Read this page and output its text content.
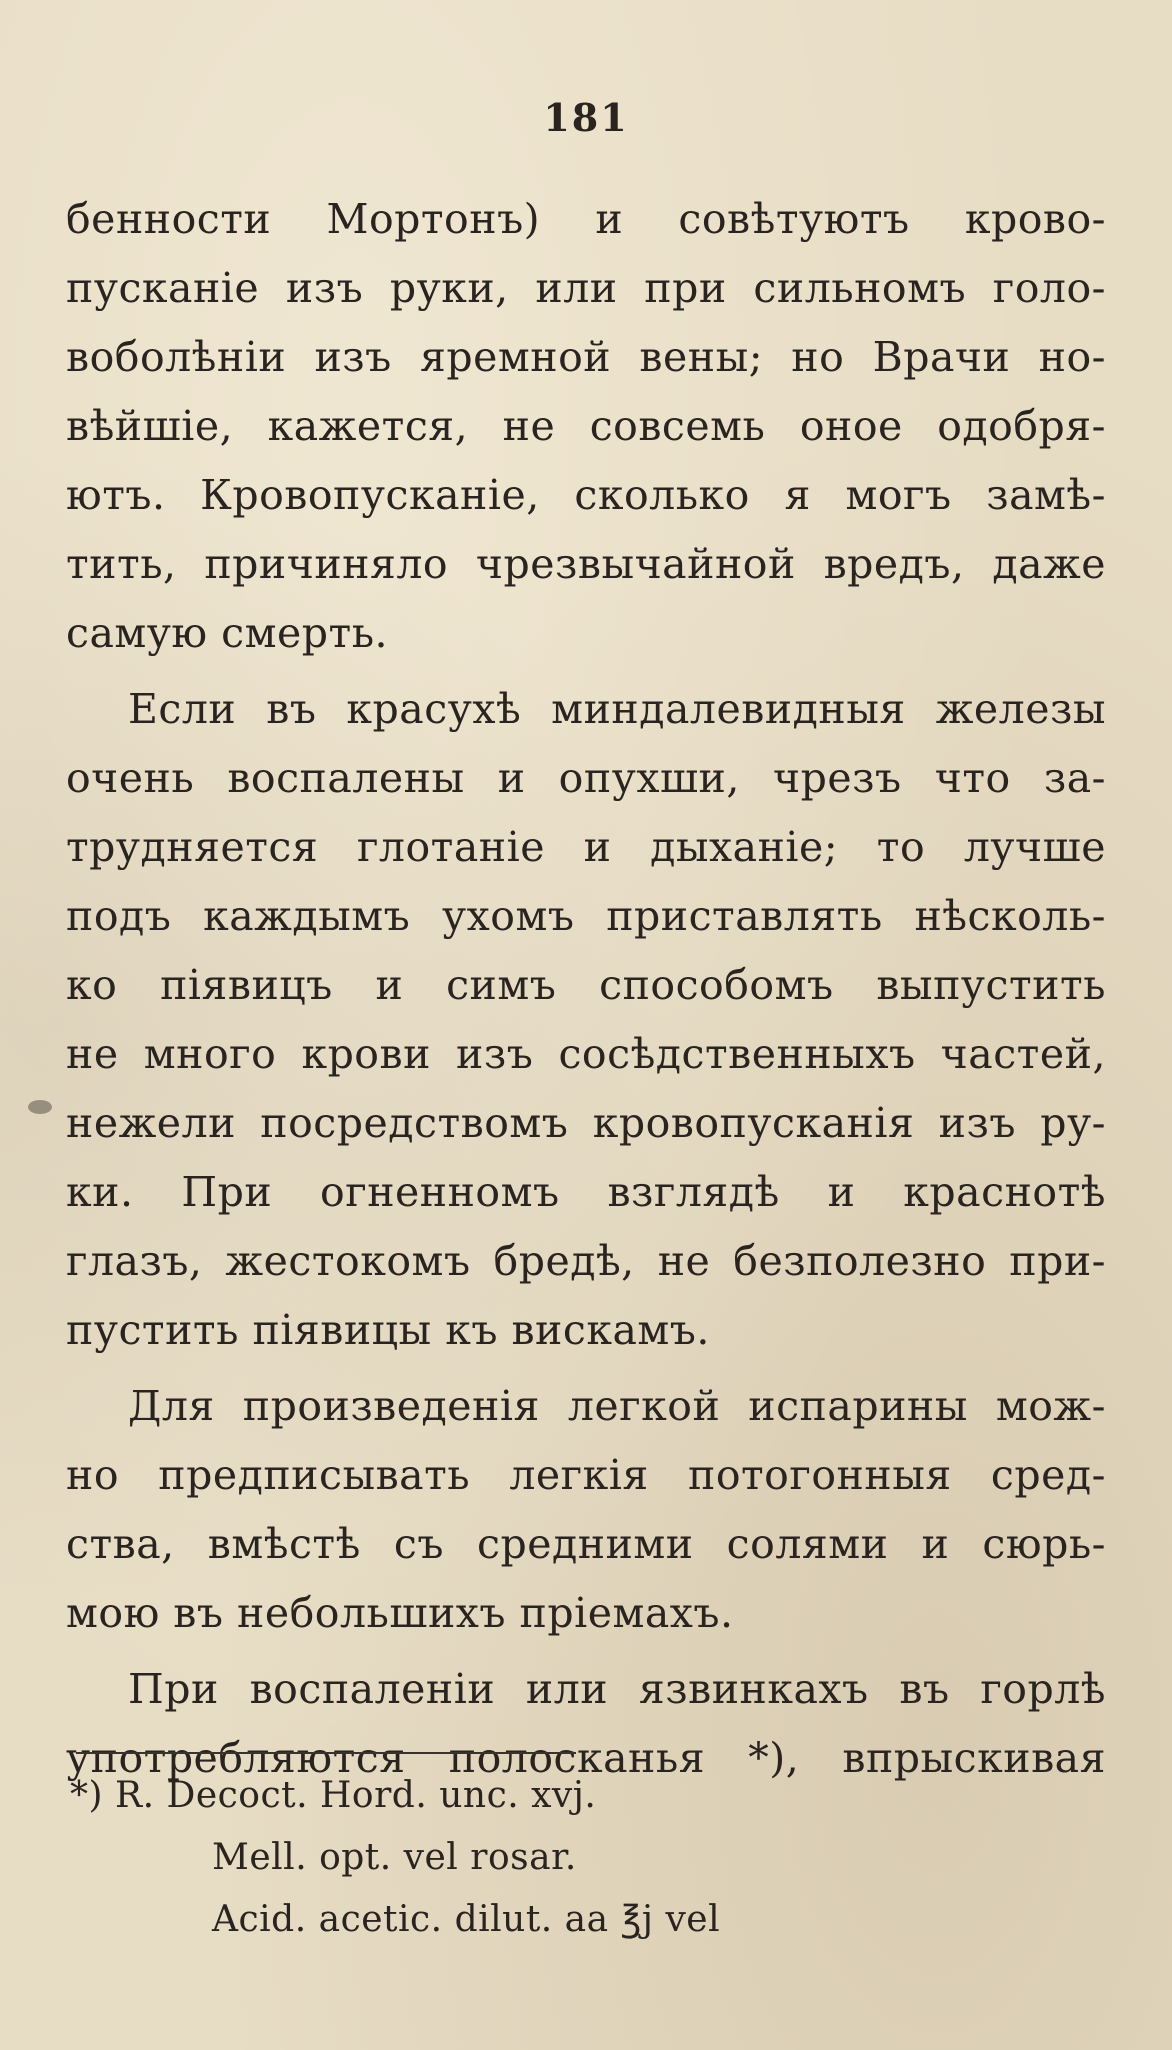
181
бенности Мортонъ) и совѣтуютъ крово-
пусканіе изъ руки, или при сильномъ голо-
воболѣніи изъ яремной вены; но Врачи но-
вѣйшіе, кажется, не совсемь оное одобря-
ютъ. Кровопусканіе, сколько я могъ замѣ-
тить, причиняло чрезвычайной вредъ, даже
самую смерть.
Если въ красухѣ миндалевидныя железы
очень воспалены и опухши, чрезъ что за-
трудняется глотаніе и дыханіе; то лучше
подъ каждымъ ухомъ приставлять нѣсколь-
ко піявицъ и симъ способомъ выпустить
не много крови изъ сосѣдственныхъ частей,
нежели посредствомъ кровопусканія изъ ру-
ки. При огненномъ взглядѣ и краснотѣ
глазъ, жестокомъ бредѣ, не безполезно при-
пустить піявицы къ вискамъ.
Для произведенія легкой испарины мож-
но предписывать легкія потогонныя сред-
ства, вмѣстѣ съ средними солями и сюрь-
мою въ небольшихъ пріемахъ.
При воспаленіи или язвинкахъ въ горлѣ
употребляются полосканья *), впрыскивая
*) R. Decoct. Hord. unc. xvj.
Mell. opt. vel rosar.
Acid. acetic. dilut. aa ℥j vel
